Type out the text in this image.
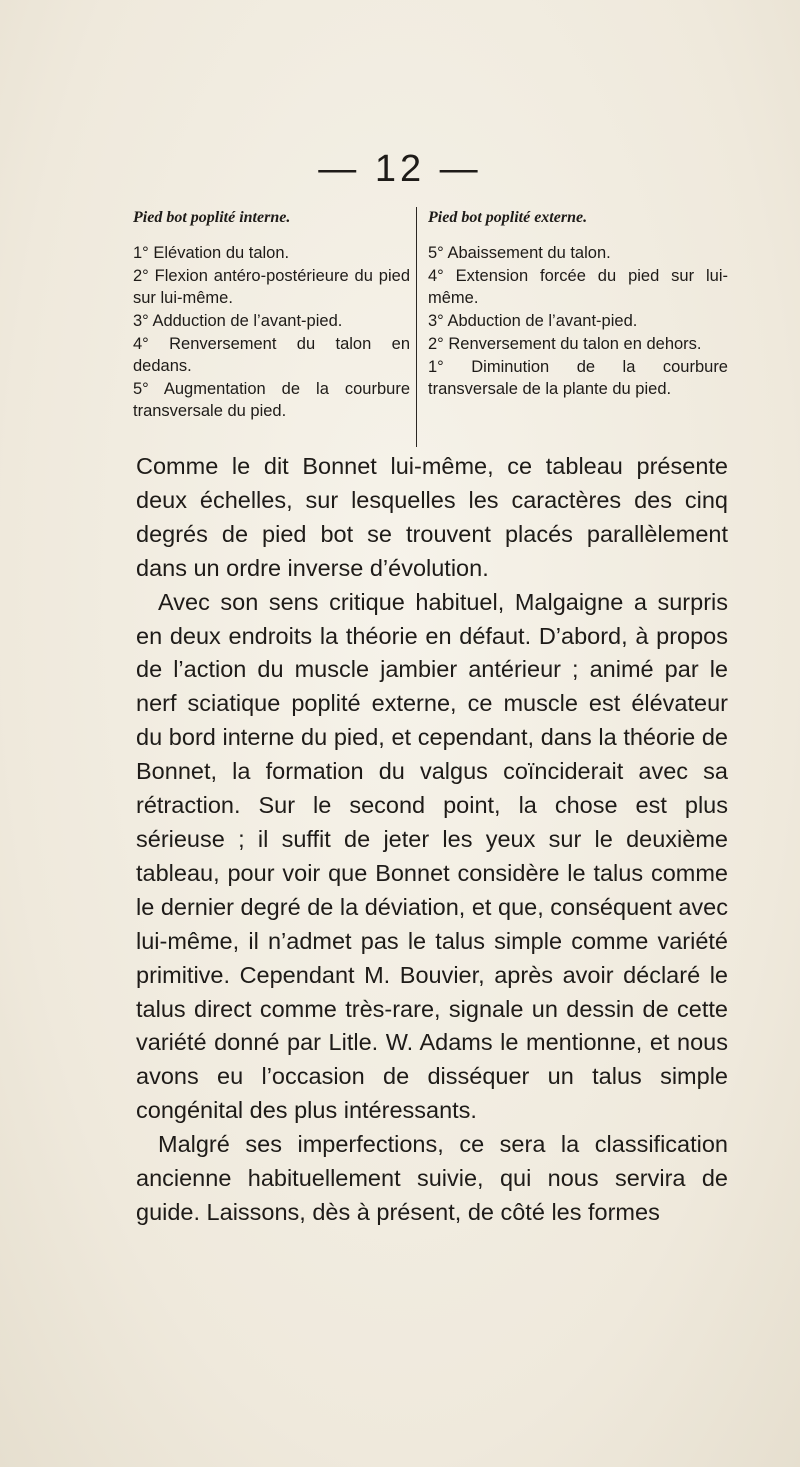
— 12 —
Pied bot poplité interne.

1° Elévation du talon.

2° Flexion antéro-postérieure du pied sur lui-même.

3° Adduction de l’avant-pied.

4° Renversement du talon en dedans.

5° Augmentation de la courbure transversale du pied.

Pied bot poplité externe.

5° Abaissement du talon.

4° Extension forcée du pied sur lui-même.

3° Abduction de l’avant-pied.

2° Renversement du talon en dehors.

1° Diminution de la courbure transversale de la plante du pied.

Comme le dit Bonnet lui-même, ce tableau présente deux échelles, sur lesquelles les caractères des cinq degrés de pied bot se trouvent placés parallèlement dans un ordre inverse d’évolution.

Avec son sens critique habituel, Malgaigne a surpris en deux endroits la théorie en défaut. D’abord, à propos de l’action du muscle jambier antérieur ; animé par le nerf sciatique poplité externe, ce muscle est élévateur du bord interne du pied, et cependant, dans la théorie de Bonnet, la formation du valgus coïnciderait avec sa rétraction. Sur le second point, la chose est plus sérieuse ; il suffit de jeter les yeux sur le deuxième tableau, pour voir que Bonnet considère le talus comme le dernier degré de la déviation, et que, conséquent avec lui-même, il n’admet pas le talus simple comme variété primitive. Cependant M. Bouvier, après avoir déclaré le talus direct comme très-rare, signale un dessin de cette variété donné par Litle. W. Adams le mentionne, et nous avons eu l’occasion de disséquer un talus simple congénital des plus intéressants.

Malgré ses imperfections, ce sera la classification ancienne habituellement suivie, qui nous servira de guide. Laissons, dès à présent, de côté les formes
